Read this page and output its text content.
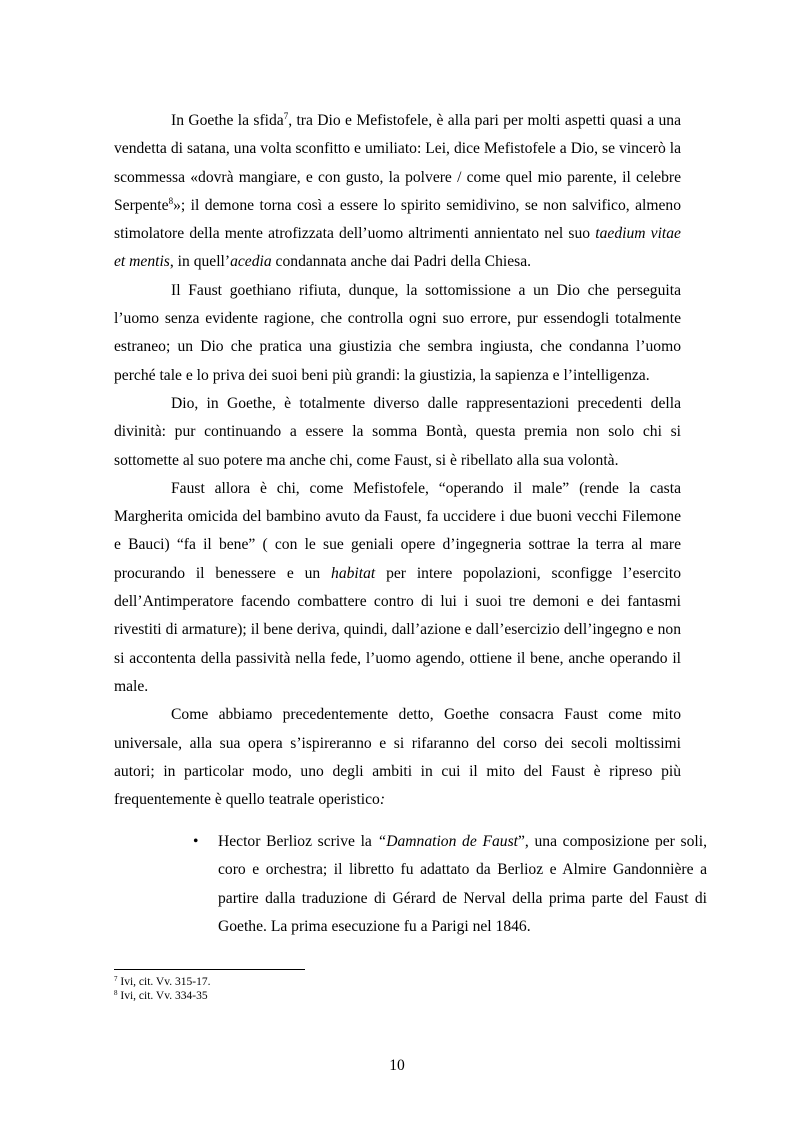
In Goethe la sfida$^7$, tra Dio e Mefistofele, è alla pari per molti aspetti quasi a una vendetta di satana, una volta sconfitto e umiliato: Lei, dice Mefistofele a Dio, se vincerò la scommessa «dovrà mangiare, e con gusto, la polvere / come quel mio parente, il celebre Serpente$^8$»; il demone torna così a essere lo spirito semidivino, se non salvifico, almeno stimolatore della mente atrofizzata dell’uomo altrimenti annientato nel suo taedium vitae et mentis, in quell’acedia condannata anche dai Padri della Chiesa.

Il Faust goethiano rifiuta, dunque, la sottomissione a un Dio che perseguita l’uomo senza evidente ragione, che controlla ogni suo errore, pur essendogli totalmente estraneo; un Dio che pratica una giustizia che sembra ingiusta, che condanna l’uomo perché tale e lo priva dei suoi beni più grandi: la giustizia, la sapienza e l’intelligenza.

Dio, in Goethe, è totalmente diverso dalle rappresentazioni precedenti della divinità: pur continuando a essere la somma Bontà, questa premia non solo chi si sottomette al suo potere ma anche chi, come Faust, si è ribellato alla sua volontà.

Faust allora è chi, come Mefistofele, “operando il male” (rende la casta Margherita omicida del bambino avuto da Faust, fa uccidere i due buoni vecchi Filemone e Bauci) “fa il bene” ( con le sue geniali opere d’ingegneria sottrae la terra al mare procurando il benessere e un habitat per intere popolazioni, sconfigge l’esercito dell’Antimperatore facendo combattere contro di lui i suoi tre demoni e dei fantasmi rivestiti di armature); il bene deriva, quindi, dall’azione e dall’esercizio dell’ingegno e non si accontenta della passività nella fede, l’uomo agendo, ottiene il bene, anche operando il male.

Come abbiamo precedentemente detto, Goethe consacra Faust come mito universale, alla sua opera s’ispireranno e si rifaranno del corso dei secoli moltissimi autori; in particolar modo, uno degli ambiti in cui il mito del Faust è ripreso più frequentemente è quello teatrale operistico:

• Hector Berlioz scrive la “Damnation de Faust”, una composizione per soli, coro e orchestra; il libretto fu adattato da Berlioz e Almire Gandonnière a partire dalla traduzione di Gérard de Nerval della prima parte del Faust di Goethe. La prima esecuzione fu a Parigi nel 1846.
$^7$ Ivi, cit. Vv. 315-17.
$^8$ Ivi, cit. Vv. 334-35
10
